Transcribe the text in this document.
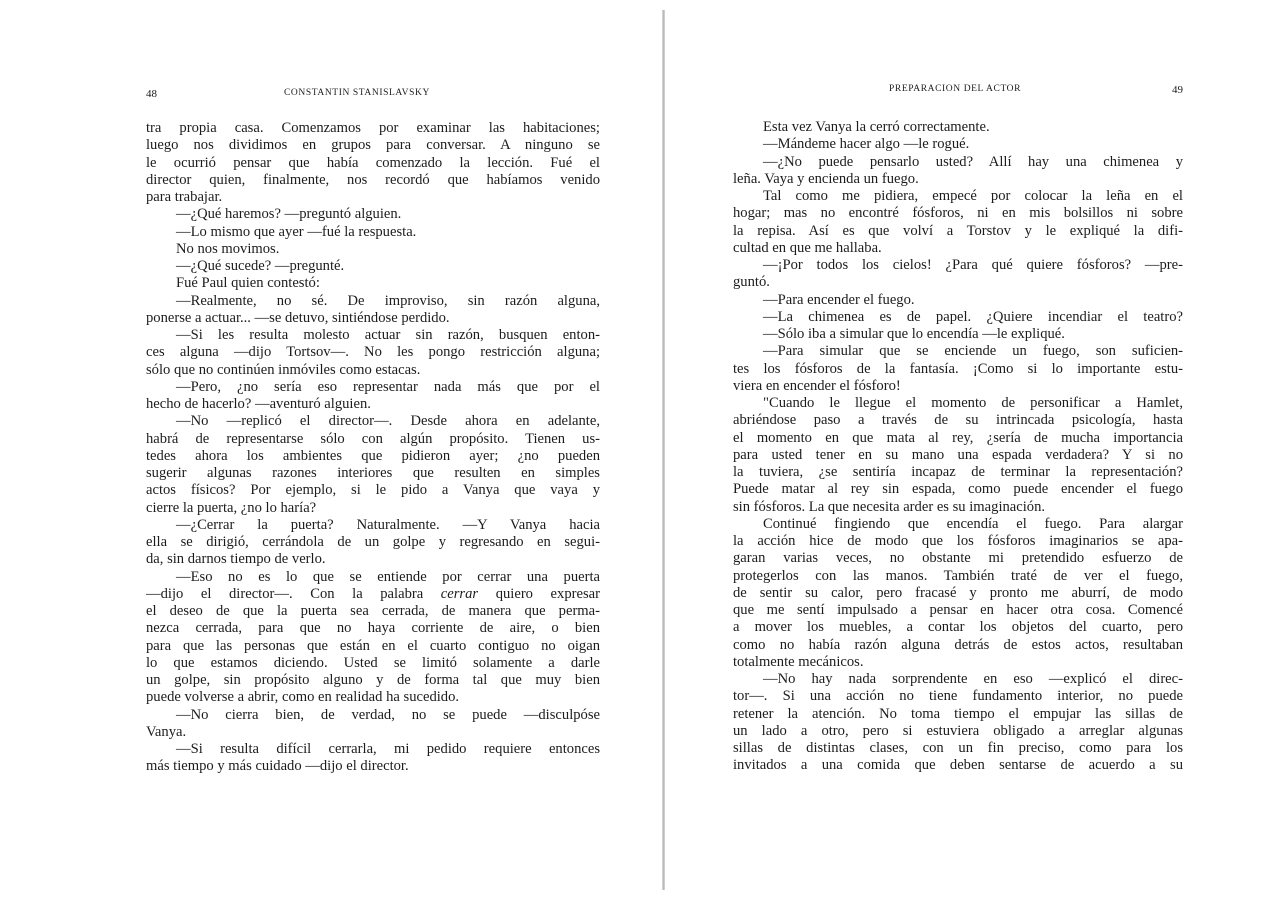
48	CONSTANTIN STANISLAVSKY
tra propia casa. Comenzamos por examinar las habitaciones;
luego nos dividimos en grupos para conversar. A ninguno se
le ocurrió pensar que había comenzado la lección. Fué el
director quien, finalmente, nos recordó que habíamos venido
para trabajar.
—¿Qué haremos? —preguntó alguien.
—Lo mismo que ayer —fué la respuesta.
No nos movimos.
—¿Qué sucede? —pregunté.
Fué Paul quien contestó:
—Realmente, no sé. De improviso, sin razón alguna,
ponerse a actuar... —se detuvo, sintiéndose perdido.
—Si les resulta molesto actuar sin razón, busquen enton-
ces alguna —dijo Tortsov—. No les pongo restricción alguna;
sólo que no continúen inmóviles como estacas.
—Pero, ¿no sería eso representar nada más que por el
hecho de hacerlo? —aventuró alguien.
—No —replicó el director—. Desde ahora en adelante,
habrá de representarse sólo con algún propósito. Tienen us-
tedes ahora los ambientes que pidieron ayer; ¿no pueden
sugerir algunas razones interiores que resulten en simples
actos físicos? Por ejemplo, si le pido a Vanya que vaya y
cierre la puerta, ¿no lo haría?
—¿Cerrar la puerta? Naturalmente. —Y Vanya hacia
ella se dirigió, cerrándola de un golpe y regresando en segui-
da, sin darnos tiempo de verlo.
—Eso no es lo que se entiende por cerrar una puerta
—dijo el director—. Con la palabra cerrar quiero expresar
el deseo de que la puerta sea cerrada, de manera que perma-
nezca cerrada, para que no haya corriente de aire, o bien
para que las personas que están en el cuarto contiguo no oigan
lo que estamos diciendo. Usted se limitó solamente a darle
un golpe, sin propósito alguno y de forma tal que muy bien
puede volverse a abrir, como en realidad ha sucedido.
—No cierra bien, de verdad, no se puede —disculpóse
Vanya.
—Si resulta difícil cerrarla, mi pedido requiere entonces
más tiempo y más cuidado —dijo el director.
PREPARACION DEL ACTOR	49
Esta vez Vanya la cerró correctamente.
—Mándeme hacer algo —le rogué.
—¿No puede pensarlo usted? Allí hay una chimenea y
leña. Vaya y encienda un fuego.
Tal como me pidiera, empecé por colocar la leña en el
hogar; mas no encontré fósforos, ni en mis bolsillos ni sobre
la repisa. Así es que volví a Torstov y le expliqué la difi-
cultad en que me hallaba.
—¡Por todos los cielos! ¿Para qué quiere fósforos? —pre-
guntó.
—Para encender el fuego.
—La chimenea es de papel. ¿Quiere incendiar el teatro?
—Sólo iba a simular que lo encendía —le expliqué.
—Para simular que se enciende un fuego, son suficien-
tes los fósforos de la fantasía. ¡Como si lo importante estu-
viera en encender el fósforo!
"Cuando le llegue el momento de personificar a Hamlet,
abriéndose paso a través de su intrincada psicología, hasta
el momento en que mata al rey, ¿sería de mucha importancia
para usted tener en su mano una espada verdadera? Y si no
la tuviera, ¿se sentiría incapaz de terminar la representación?
Puede matar al rey sin espada, como puede encender el fuego
sin fósforos. La que necesita arder es su imaginación.
Continué fingiendo que encendía el fuego. Para alargar
la acción hice de modo que los fósforos imaginarios se apa-
garan varias veces, no obstante mi pretendido esfuerzo de
protegerlos con las manos. También traté de ver el fuego,
de sentir su calor, pero fracasé y pronto me aburrí, de modo
que me sentí impulsado a pensar en hacer otra cosa. Comencé
a mover los muebles, a contar los objetos del cuarto, pero
como no había razón alguna detrás de estos actos, resultaban
totalmente mecánicos.
—No hay nada sorprendente en eso —explicó el direc-
tor—. Si una acción no tiene fundamento interior, no puede
retener la atención. No toma tiempo el empujar las sillas de
un lado a otro, pero si estuviera obligado a arreglar algunas
sillas de distintas clases, con un fin preciso, como para los
invitados a una comida que deben sentarse de acuerdo a su
